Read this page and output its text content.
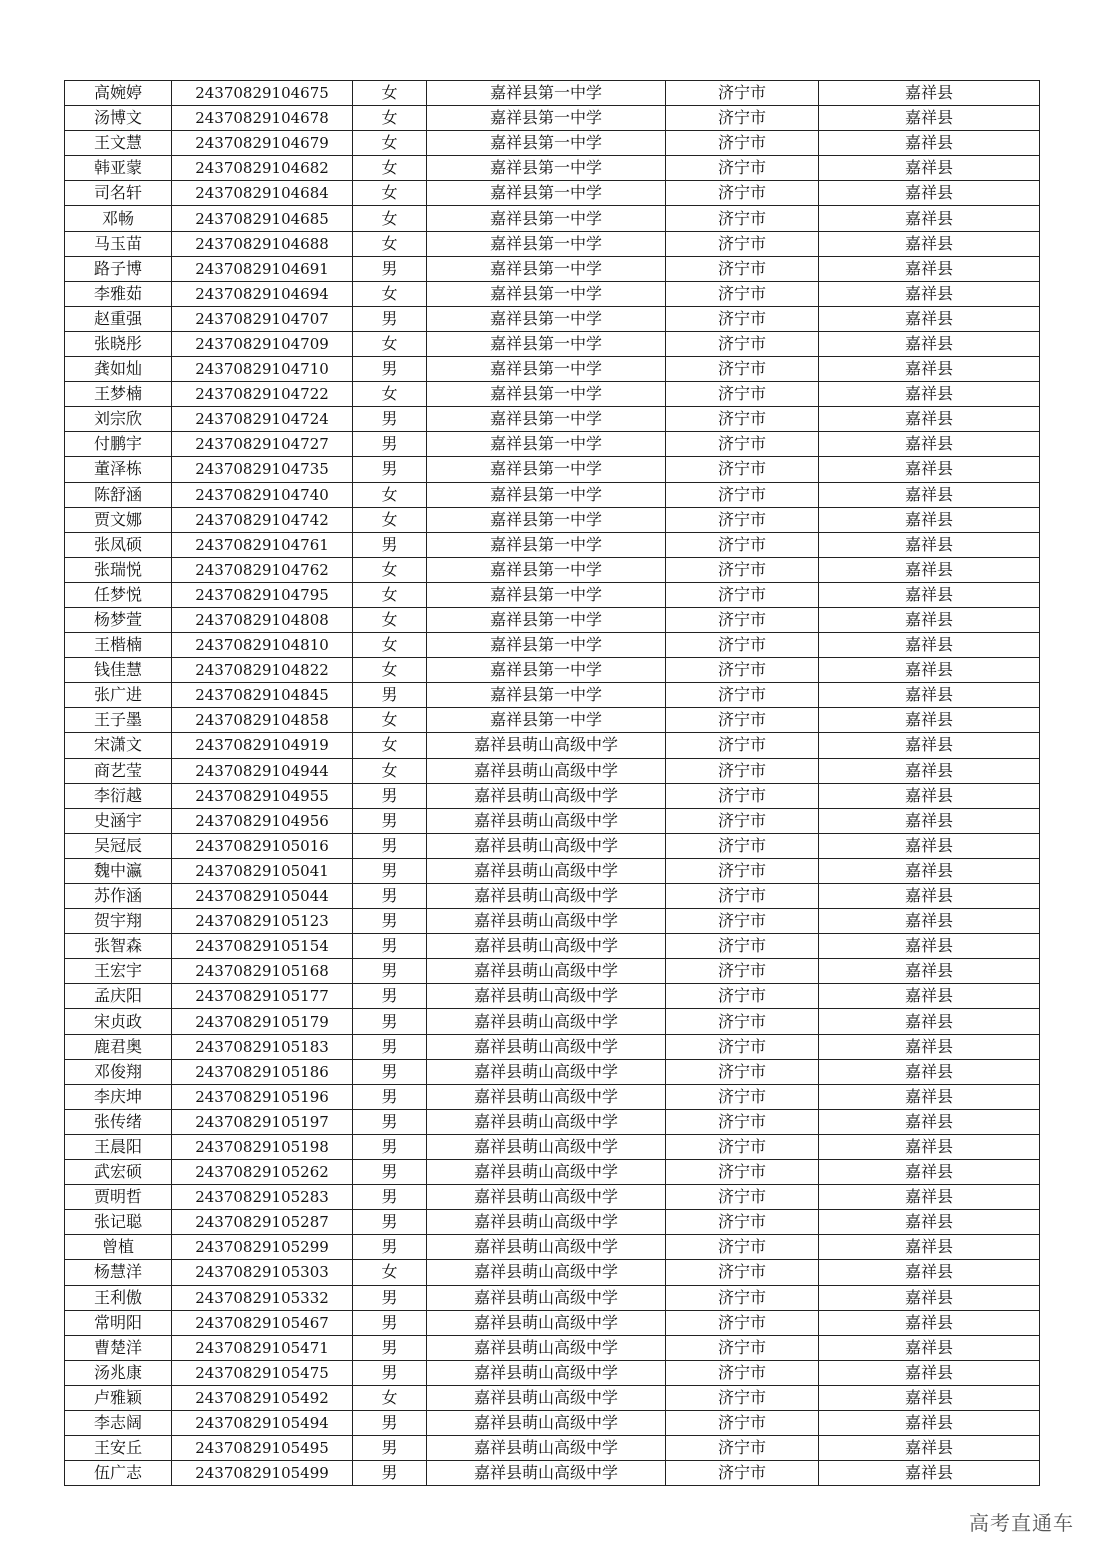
高婉婷	24370829104675	女	嘉祥县第一中学	济宁市	嘉祥县
汤博文	24370829104678	女	嘉祥县第一中学	济宁市	嘉祥县
王文慧	24370829104679	女	嘉祥县第一中学	济宁市	嘉祥县
韩亚蒙	24370829104682	女	嘉祥县第一中学	济宁市	嘉祥县
司名轩	24370829104684	女	嘉祥县第一中学	济宁市	嘉祥县
邓畅	24370829104685	女	嘉祥县第一中学	济宁市	嘉祥县
马玉苗	24370829104688	女	嘉祥县第一中学	济宁市	嘉祥县
路子博	24370829104691	男	嘉祥县第一中学	济宁市	嘉祥县
李雅茹	24370829104694	女	嘉祥县第一中学	济宁市	嘉祥县
赵重强	24370829104707	男	嘉祥县第一中学	济宁市	嘉祥县
张晓彤	24370829104709	女	嘉祥县第一中学	济宁市	嘉祥县
龚如灿	24370829104710	男	嘉祥县第一中学	济宁市	嘉祥县
王梦楠	24370829104722	女	嘉祥县第一中学	济宁市	嘉祥县
刘宗欣	24370829104724	男	嘉祥县第一中学	济宁市	嘉祥县
付鹏宇	24370829104727	男	嘉祥县第一中学	济宁市	嘉祥县
董泽栋	24370829104735	男	嘉祥县第一中学	济宁市	嘉祥县
陈舒涵	24370829104740	女	嘉祥县第一中学	济宁市	嘉祥县
贾文娜	24370829104742	女	嘉祥县第一中学	济宁市	嘉祥县
张凤硕	24370829104761	男	嘉祥县第一中学	济宁市	嘉祥县
张瑞悦	24370829104762	女	嘉祥县第一中学	济宁市	嘉祥县
任梦悦	24370829104795	女	嘉祥县第一中学	济宁市	嘉祥县
杨梦萱	24370829104808	女	嘉祥县第一中学	济宁市	嘉祥县
王楷楠	24370829104810	女	嘉祥县第一中学	济宁市	嘉祥县
钱佳慧	24370829104822	女	嘉祥县第一中学	济宁市	嘉祥县
张广进	24370829104845	男	嘉祥县第一中学	济宁市	嘉祥县
王子墨	24370829104858	女	嘉祥县第一中学	济宁市	嘉祥县
宋潇文	24370829104919	女	嘉祥县萌山高级中学	济宁市	嘉祥县
商艺莹	24370829104944	女	嘉祥县萌山高级中学	济宁市	嘉祥县
李衍越	24370829104955	男	嘉祥县萌山高级中学	济宁市	嘉祥县
史涵宇	24370829104956	男	嘉祥县萌山高级中学	济宁市	嘉祥县
吴冠辰	24370829105016	男	嘉祥县萌山高级中学	济宁市	嘉祥县
魏中瀛	24370829105041	男	嘉祥县萌山高级中学	济宁市	嘉祥县
苏作涵	24370829105044	男	嘉祥县萌山高级中学	济宁市	嘉祥县
贺宇翔	24370829105123	男	嘉祥县萌山高级中学	济宁市	嘉祥县
张智森	24370829105154	男	嘉祥县萌山高级中学	济宁市	嘉祥县
王宏宇	24370829105168	男	嘉祥县萌山高级中学	济宁市	嘉祥县
孟庆阳	24370829105177	男	嘉祥县萌山高级中学	济宁市	嘉祥县
宋贞政	24370829105179	男	嘉祥县萌山高级中学	济宁市	嘉祥县
鹿君奥	24370829105183	男	嘉祥县萌山高级中学	济宁市	嘉祥县
邓俊翔	24370829105186	男	嘉祥县萌山高级中学	济宁市	嘉祥县
李庆坤	24370829105196	男	嘉祥县萌山高级中学	济宁市	嘉祥县
张传绪	24370829105197	男	嘉祥县萌山高级中学	济宁市	嘉祥县
王晨阳	24370829105198	男	嘉祥县萌山高级中学	济宁市	嘉祥县
武宏硕	24370829105262	男	嘉祥县萌山高级中学	济宁市	嘉祥县
贾明哲	24370829105283	男	嘉祥县萌山高级中学	济宁市	嘉祥县
张记聪	24370829105287	男	嘉祥县萌山高级中学	济宁市	嘉祥县
曾植	24370829105299	男	嘉祥县萌山高级中学	济宁市	嘉祥县
杨慧洋	24370829105303	女	嘉祥县萌山高级中学	济宁市	嘉祥县
王利傲	24370829105332	男	嘉祥县萌山高级中学	济宁市	嘉祥县
常明阳	24370829105467	男	嘉祥县萌山高级中学	济宁市	嘉祥县
曹楚洋	24370829105471	男	嘉祥县萌山高级中学	济宁市	嘉祥县
汤兆康	24370829105475	男	嘉祥县萌山高级中学	济宁市	嘉祥县
卢雅颖	24370829105492	女	嘉祥县萌山高级中学	济宁市	嘉祥县
李志阔	24370829105494	男	嘉祥县萌山高级中学	济宁市	嘉祥县
王安丘	24370829105495	男	嘉祥县萌山高级中学	济宁市	嘉祥县
伍广志	24370829105499	男	嘉祥县萌山高级中学	济宁市	嘉祥县
高考直通车
